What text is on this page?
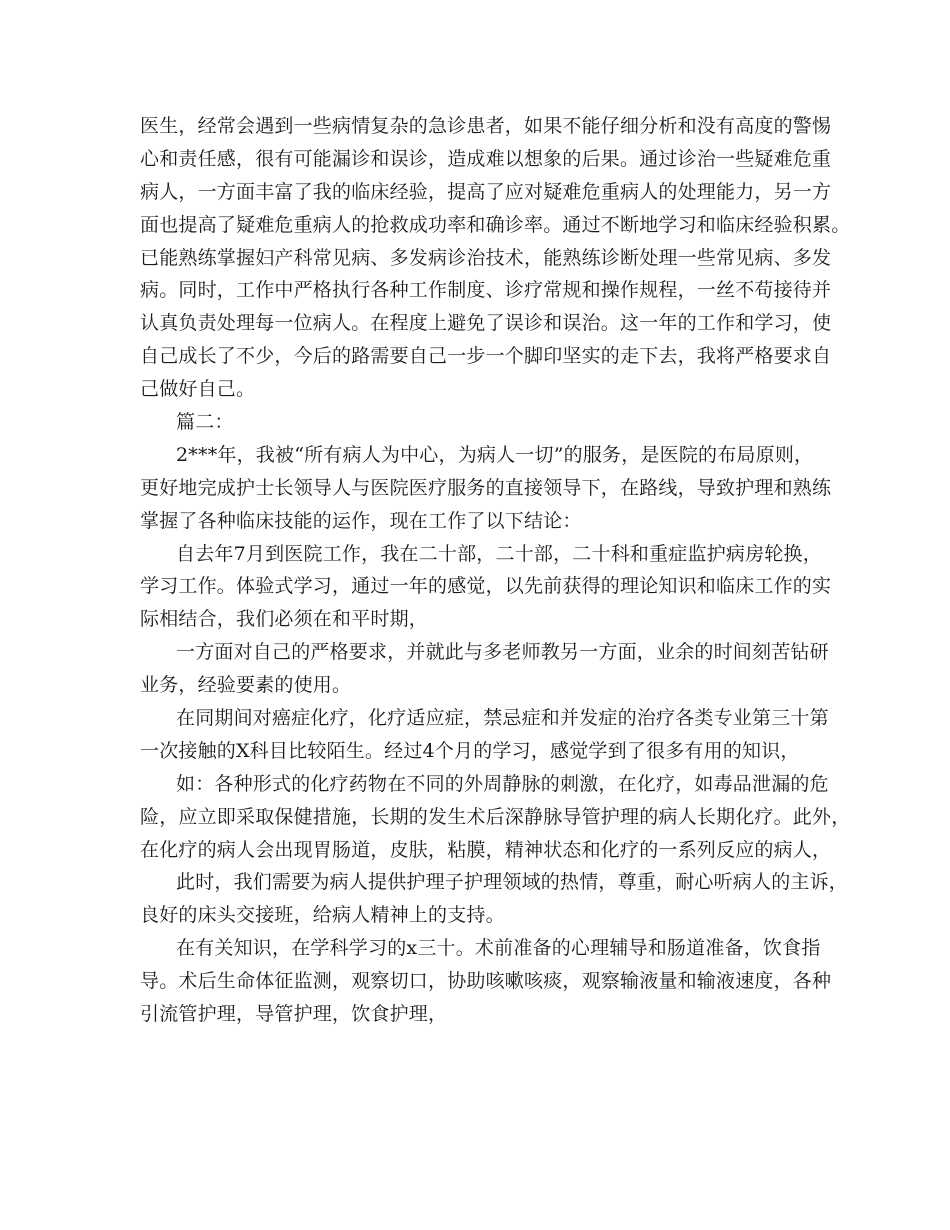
医生，经常会遇到一些病情复杂的急诊患者，如果不能仔细分析和没有高度的警惕
心和责任感，很有可能漏诊和误诊，造成难以想象的后果。通过诊治一些疑难危重
病人，一方面丰富了我的临床经验，提高了应对疑难危重病人的处理能力，另一方
面也提高了疑难危重病人的抢救成功率和确诊率。通过不断地学习和临床经验积累。
已能熟练掌握妇产科常见病、多发病诊治技术，能熟练诊断处理一些常见病、多发
病。同时，工作中严格执行各种工作制度、诊疗常规和操作规程，一丝不苟接待并
认真负责处理每一位病人。在程度上避免了误诊和误治。这一年的工作和学习，使
自己成长了不少，今后的路需要自己一步一个脚印坚实的走下去，我将严格要求自
己做好自己。
篇二：
2***年，我被“所有病人为中心，为病人一切”的服务，是医院的布局原则，
更好地完成护士长领导人与医院医疗服务的直接领导下，在路线，导致护理和熟练
掌握了各种临床技能的运作，现在工作了以下结论：
自去年7月到医院工作，我在二十部，二十部，二十科和重症监护病房轮换，
学习工作。体验式学习，通过一年的感觉，以先前获得的理论知识和临床工作的实
际相结合，我们必须在和平时期，
一方面对自己的严格要求，并就此与多老师教另一方面，业余的时间刻苦钻研
业务，经验要素的使用。
在同期间对癌症化疗，化疗适应症，禁忌症和并发症的治疗各类专业第三十第
一次接触的X科目比较陌生。经过4个月的学习，感觉学到了很多有用的知识，
如：各种形式的化疗药物在不同的外周静脉的刺激，在化疗，如毒品泄漏的危
险，应立即采取保健措施，长期的发生术后深静脉导管护理的病人长期化疗。此外，
在化疗的病人会出现胃肠道，皮肤，粘膜，精神状态和化疗的一系列反应的病人，
此时，我们需要为病人提供护理子护理领域的热情，尊重，耐心听病人的主诉，
良好的床头交接班，给病人精神上的支持。
在有关知识，在学科学习的x三十。术前准备的心理辅导和肠道准备，饮食指
导。术后生命体征监测，观察切口，协助咳嗽咳痰，观察输液量和输液速度，各种
引流管护理，导管护理，饮食护理，
